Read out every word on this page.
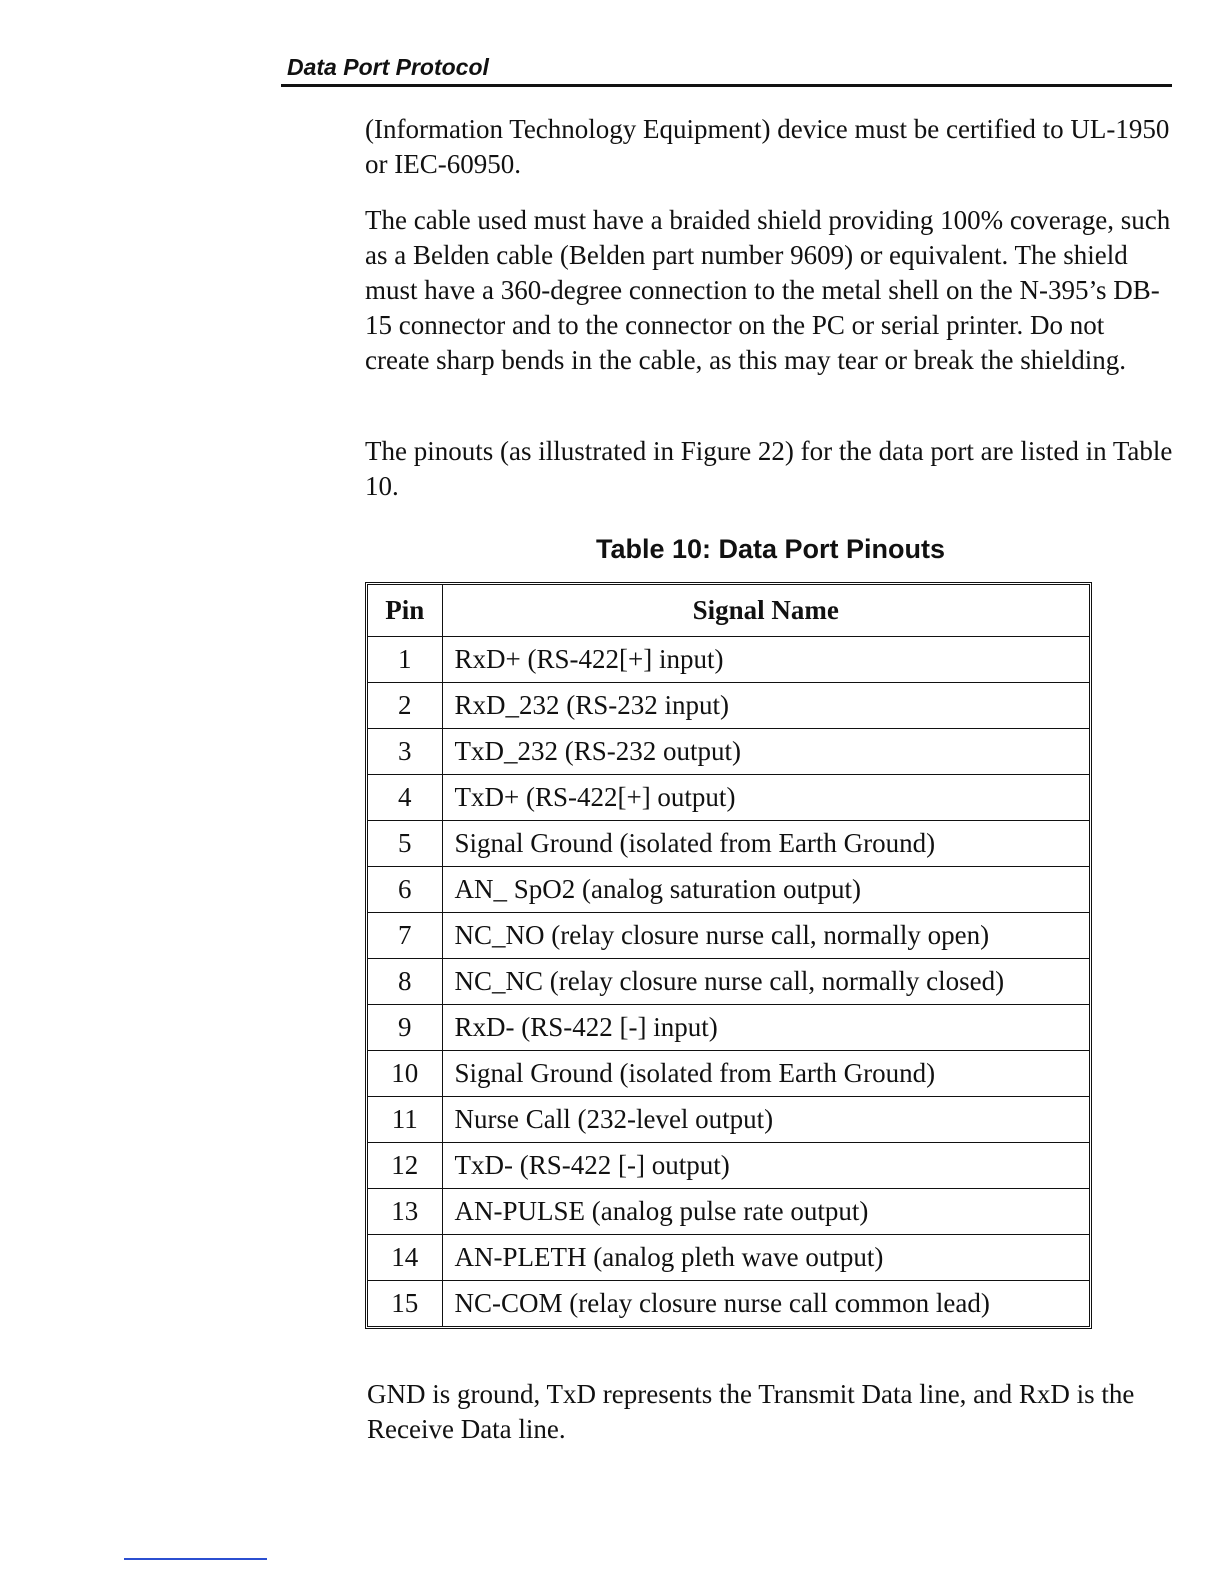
Data Port Protocol

(Information Technology Equipment) device must be certified to UL-1950 or IEC-60950.

The cable used must have a braided shield providing 100% coverage, such as a Belden cable (Belden part number 9609) or equivalent. The shield must have a 360-degree connection to the metal shell on the N-395’s DB-15 connector and to the connector on the PC or serial printer. Do not create sharp bends in the cable, as this may tear or break the shielding.

The pinouts (as illustrated in Figure 22) for the data port are listed in Table 10.

Table 10: Data Port Pinouts
Pin	Signal Name
1	RxD+ (RS-422[+] input)
2	RxD_232 (RS-232 input)
3	TxD_232 (RS-232 output)
4	TxD+ (RS-422[+] output)
5	Signal Ground (isolated from Earth Ground)
6	AN_ SpO2 (analog saturation output)
7	NC_NO (relay closure nurse call, normally open)
8	NC_NC (relay closure nurse call, normally closed)
9	RxD- (RS-422 [-] input)
10	Signal Ground (isolated from Earth Ground)
11	Nurse Call (232-level output)
12	TxD- (RS-422 [-] output)
13	AN-PULSE (analog pulse rate output)
14	AN-PLETH (analog pleth wave output)
15	NC-COM (relay closure nurse call common lead)

GND is ground, TxD represents the Transmit Data line, and RxD is the Receive Data line.
